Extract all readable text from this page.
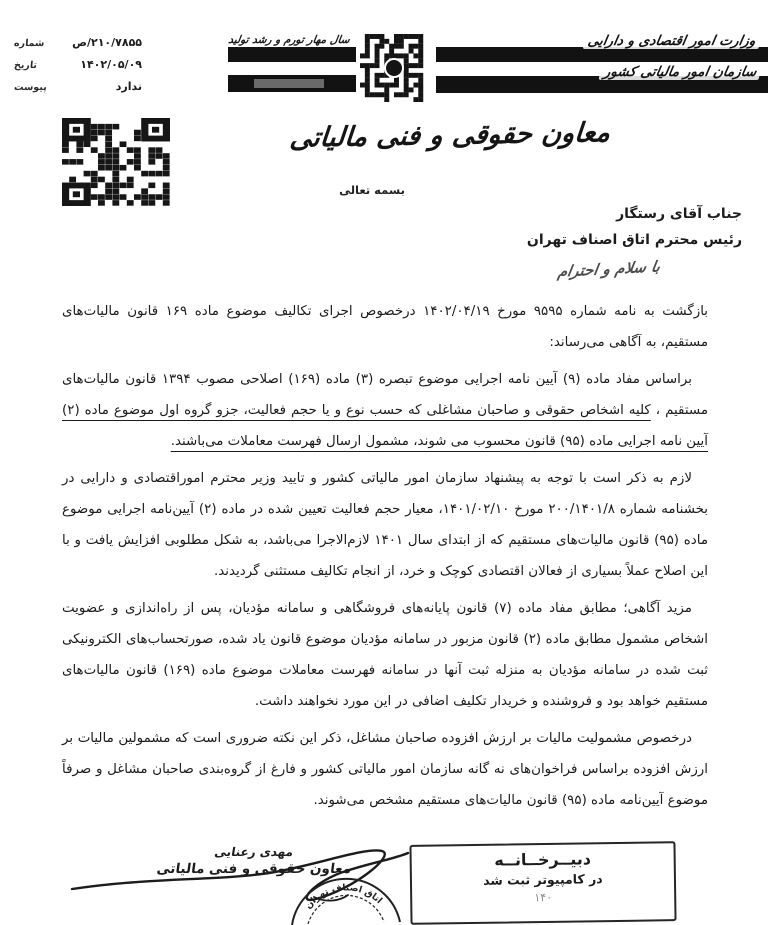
۲۱۰/۷۸۵۵/ص
شماره
۱۴۰۲/۰۵/۰۹
تاریخ
ندارد
پیوست
سال مهار تورم و رشد تولید	وزارت امور اقتصادی و دارایی
سازمان امور مالیاتی کشور
معاون حقوقی و فنی مالیاتی
بسمه تعالی
جناب آقای رستگار
رئیس محترم اتاق اصناف تهران
با سلام و احترام

بازگشت به نامه شماره ۹۵۹۵ مورخ ۱۴۰۲/۰۴/۱۹ درخصوص اجرای تکالیف موضوع ماده ۱۶۹ قانون مالیات‌های مستقیم، به آگاهی می‌رساند:

براساس مفاد ماده (۹) آیین نامه اجرایی موضوع تبصره (۳) ماده (۱۶۹) اصلاحی مصوب ۱۳۹۴ قانون مالیات‌های مستقیم ، کلیه اشخاص حقوقی و صاحبان مشاغلی که حسب نوع و یا حجم فعالیت، جزو گروه اول موضوع ماده (۲) آیین نامه اجرایی ماده (۹۵) قانون محسوب می شوند، مشمول ارسال فهرست معاملات می‌باشند.

لازم به ذکر است با توجه به پیشنهاد سازمان امور مالیاتی کشور و تایید وزیر محترم اموراقتصادی و دارایی در بخشنامه شماره ۲۰۰/۱۴۰۱/۸ مورخ ۱۴۰۱/۰۲/۱۰، معیار حجم فعالیت تعیین شده در ماده (۲) آیین‌نامه اجرایی موضوع ماده (۹۵) قانون مالیات‌های مستقیم که از ابتدای سال ۱۴۰۱ لازم‌الاجرا می‌باشد، به شکل مطلوبی افزایش یافت و با این اصلاح عملاً بسیاری از فعالان اقتصادی کوچک و خرد، از انجام تکالیف مستثنی گردیدند.

مزید آگاهی؛ مطابق مفاد ماده (۷) قانون پایانه‌های فروشگاهی و سامانه مؤدیان، پس از راه‌اندازی و عضویت اشخاص مشمول مطابق ماده (۲) قانون مزبور در سامانه مؤدیان موضوع قانون یاد شده، صورتحساب‌های الکترونیکی ثبت شده در سامانه مؤدیان به منزله ثبت آنها در سامانه فهرست معاملات موضوع ماده (۱۶۹) قانون مالیات‌های مستقیم خواهد بود و فروشنده و خریدار تکلیف اضافی در این مورد نخواهند داشت.

درخصوص مشمولیت مالیات بر ارزش افزوده صاحبان مشاغل، ذکر این نکته ضروری است که مشمولین مالیات بر ارزش افزوده براساس فراخوان‌های نه گانه سازمان امور مالیاتی کشور و فارغ از گروه‌بندی صاحبان مشاغل و صرفاً موضوع آیین‌نامه ماده (۹۵) قانون مالیات‌های مستقیم مشخص می‌شوند.

مهدی رعنایی
معاون حقوقی و فنی مالیاتی	دبیــرخــانــه
در کامپیوتر ثبت شد
۱۴۰
اتاق اصناف تهران
